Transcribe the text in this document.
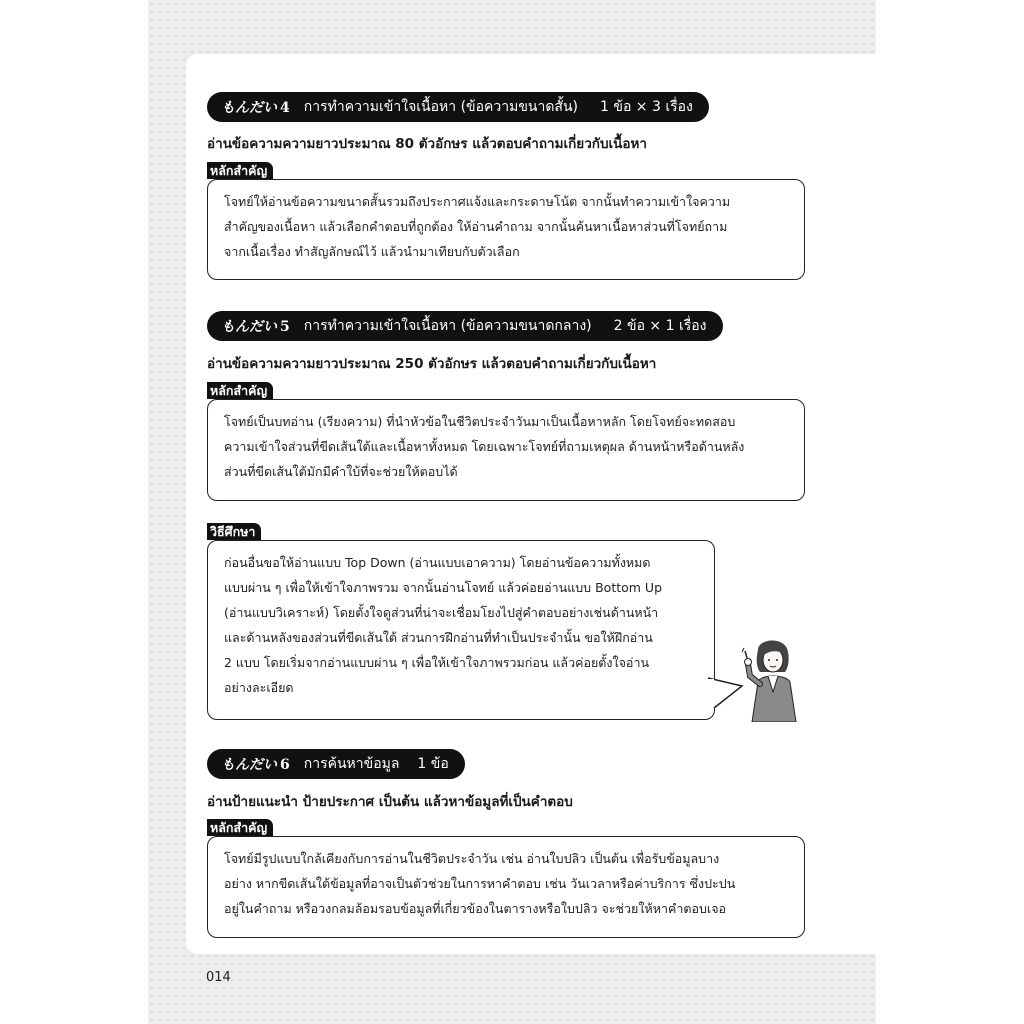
もんだい 4 การทำความเข้าใจเนื้อหา (ข้อความขนาดสั้น) 1 ข้อ × 3 เรื่อง
อ่านข้อความความยาวประมาณ 80 ตัวอักษร แล้วตอบคำถามเกี่ยวกับเนื้อหา
หลักสำคัญ

โจทย์ให้อ่านข้อความขนาดสั้นรวมถึงประกาศแจ้งและกระดาษโน้ต จากนั้นทำความเข้าใจความ

สำคัญของเนื้อหา แล้วเลือกคำตอบที่ถูกต้อง ให้อ่านคำถาม จากนั้นค้นหาเนื้อหาส่วนที่โจทย์ถาม

จากเนื้อเรื่อง ทำสัญลักษณ์ไว้ แล้วนำมาเทียบกับตัวเลือก

もんだい 5 การทำความเข้าใจเนื้อหา (ข้อความขนาดกลาง) 2 ข้อ × 1 เรื่อง
อ่านข้อความความยาวประมาณ 250 ตัวอักษร แล้วตอบคำถามเกี่ยวกับเนื้อหา
หลักสำคัญ

โจทย์เป็นบทอ่าน (เรียงความ) ที่นำหัวข้อในชีวิตประจำวันมาเป็นเนื้อหาหลัก โดยโจทย์จะทดสอบ

ความเข้าใจส่วนที่ขีดเส้นใต้และเนื้อหาทั้งหมด โดยเฉพาะโจทย์ที่ถามเหตุผล ด้านหน้าหรือด้านหลัง

ส่วนที่ขีดเส้นใต้มักมีคำใบ้ที่จะช่วยให้ตอบได้

วิธีศึกษา

ก่อนอื่นขอให้อ่านแบบ Top Down (อ่านแบบเอาความ) โดยอ่านข้อความทั้งหมด

แบบผ่าน ๆ เพื่อให้เข้าใจภาพรวม จากนั้นอ่านโจทย์ แล้วค่อยอ่านแบบ Bottom Up

(อ่านแบบวิเคราะห์) โดยตั้งใจดูส่วนที่น่าจะเชื่อมโยงไปสู่คำตอบอย่างเช่นด้านหน้า

และด้านหลังของส่วนที่ขีดเส้นใต้ ส่วนการฝึกอ่านที่ทำเป็นประจำนั้น ขอให้ฝึกอ่าน

2 แบบ โดยเริ่มจากอ่านแบบผ่าน ๆ เพื่อให้เข้าใจภาพรวมก่อน แล้วค่อยตั้งใจอ่าน

อย่างละเอียด

もんだい 6 การค้นหาข้อมูล 1 ข้อ
อ่านป้ายแนะนำ ป้ายประกาศ เป็นต้น แล้วหาข้อมูลที่เป็นคำตอบ
หลักสำคัญ

โจทย์มีรูปแบบใกล้เคียงกับการอ่านในชีวิตประจำวัน เช่น อ่านใบปลิว เป็นต้น เพื่อรับข้อมูลบาง

อย่าง หากขีดเส้นใต้ข้อมูลที่อาจเป็นตัวช่วยในการหาคำตอบ เช่น วันเวลาหรือค่าบริการ ซึ่งปะปน

อยู่ในคำถาม หรือวงกลมล้อมรอบข้อมูลที่เกี่ยวข้องในตารางหรือใบปลิว จะช่วยให้หาคำตอบเจอ

014
